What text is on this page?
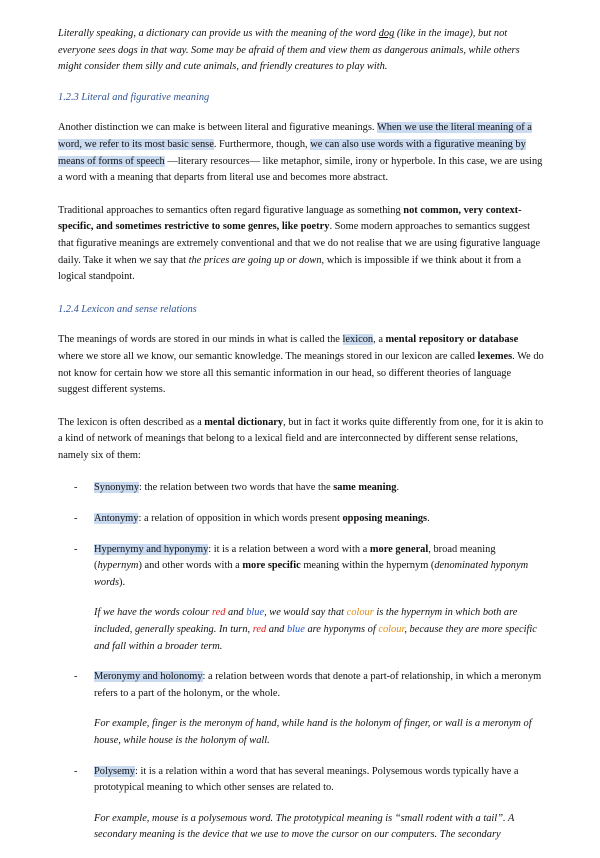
Literally speaking, a dictionary can provide us with the meaning of the word dog (like in the image), but not everyone sees dogs in that way. Some may be afraid of them and view them as dangerous animals, while others might consider them silly and cute animals, and friendly creatures to play with.

1.2.3 Literal and figurative meaning

Another distinction we can make is between literal and figurative meanings. When we use the literal meaning of a word, we refer to its most basic sense. Furthermore, though, we can also use words with a figurative meaning by means of forms of speech —literary resources— like metaphor, simile, irony or hyperbole. In this case, we are using a word with a meaning that departs from literal use and becomes more abstract.

Traditional approaches to semantics often regard figurative language as something not common, very context-specific, and sometimes restrictive to some genres, like poetry. Some modern approaches to semantics suggest that figurative meanings are extremely conventional and that we do not realise that we are using figurative language daily. Take it when we say that the prices are going up or down, which is impossible if we think about it from a logical standpoint.

1.2.4 Lexicon and sense relations

The meanings of words are stored in our minds in what is called the lexicon, a mental repository or database where we store all we know, our semantic knowledge. The meanings stored in our lexicon are called lexemes. We do not know for certain how we store all this semantic information in our head, so different theories of language suggest different systems.

The lexicon is often described as a mental dictionary, but in fact it works quite differently from one, for it is akin to a kind of network of meanings that belong to a lexical field and are interconnected by different sense relations, namely six of them:

- Synonymy: the relation between two words that have the same meaning.
- Antonymy: a relation of opposition in which words present opposing meanings.
- Hypernymy and hyponymy: it is a relation between a word with a more general, broad meaning (hypernym) and other words with a more specific meaning within the hypernym (denominated hyponym words).

If we have the words colour red and blue, we would say that colour is the hypernym in which both are included, generally speaking. In turn, red and blue are hyponyms of colour, because they are more specific and fall within a broader term.

- Meronymy and holonomy: a relation between words that denote a part-of relationship, in which a meronym refers to a part of the holonym, or the whole.

For example, finger is the meronym of hand, while hand is the holonym of finger, or wall is a meronym of house, while house is the holonym of wall.

- Polysemy: it is a relation within a word that has several meanings. Polysemous words typically have a prototypical meaning to which other senses are related to.

For example, mouse is a polysemous word. The prototypical meaning is “small rodent with a tail”. A secondary meaning is the device that we use to move the cursor on our computers. The secondary
